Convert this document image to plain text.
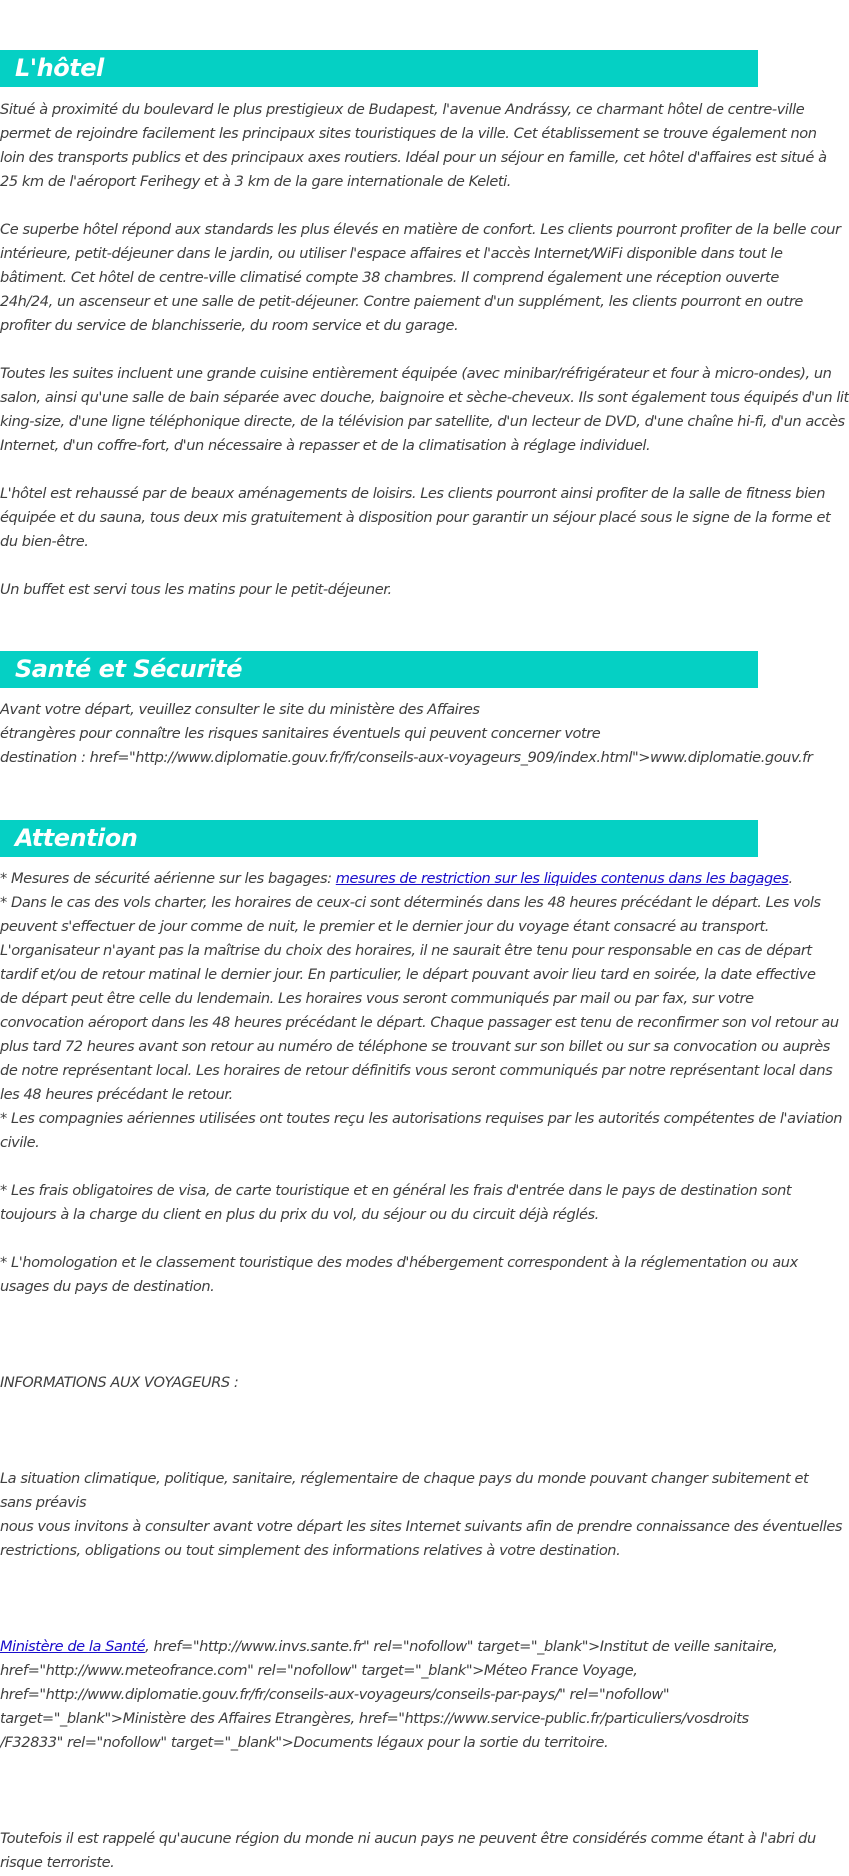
L'hôtel
Situé à proximité du boulevard le plus prestigieux de Budapest, l'avenue Andrássy, ce charmant hôtel de centre-ville
permet de rejoindre facilement les principaux sites touristiques de la ville. Cet établissement se trouve également non
loin des transports publics et des principaux axes routiers. Idéal pour un séjour en famille, cet hôtel d'affaires est situé à
25 km de l'aéroport Ferihegy et à 3 km de la gare internationale de Keleti.
Ce superbe hôtel répond aux standards les plus élevés en matière de confort. Les clients pourront profiter de la belle cour
intérieure, petit-déjeuner dans le jardin, ou utiliser l'espace affaires et l'accès Internet/WiFi disponible dans tout le
bâtiment. Cet hôtel de centre-ville climatisé compte 38 chambres. Il comprend également une réception ouverte
24h/24, un ascenseur et une salle de petit-déjeuner. Contre paiement d'un supplément, les clients pourront en outre
profiter du service de blanchisserie, du room service et du garage.
Toutes les suites incluent une grande cuisine entièrement équipée (avec minibar/réfrigérateur et four à micro-ondes), un
salon, ainsi qu'une salle de bain séparée avec douche, baignoire et sèche-cheveux. Ils sont également tous équipés d'un lit
king-size, d'une ligne téléphonique directe, de la télévision par satellite, d'un lecteur de DVD, d'une chaîne hi-fi, d'un accès
Internet, d'un coffre-fort, d'un nécessaire à repasser et de la climatisation à réglage individuel.
L'hôtel est rehaussé par de beaux aménagements de loisirs. Les clients pourront ainsi profiter de la salle de fitness bien
équipée et du sauna, tous deux mis gratuitement à disposition pour garantir un séjour placé sous le signe de la forme et
du bien-être.
Un buffet est servi tous les matins pour le petit-déjeuner.
Santé et Sécurité
Avant votre départ, veuillez consulter le site du ministère des Affaires
étrangères pour connaître les risques sanitaires éventuels qui peuvent concerner votre
destination : href="http://www.diplomatie.gouv.fr/fr/conseils-aux-voyageurs_909/index.html">www.diplomatie.gouv.fr
Attention
* Mesures de sécurité aérienne sur les bagages: mesures de restriction sur les liquides contenus dans les bagages.
* Dans le cas des vols charter, les horaires de ceux-ci sont déterminés dans les 48 heures précédant le départ. Les vols
peuvent s'effectuer de jour comme de nuit, le premier et le dernier jour du voyage étant consacré au transport.
L'organisateur n'ayant pas la maîtrise du choix des horaires, il ne saurait être tenu pour responsable en cas de départ
tardif et/ou de retour matinal le dernier jour. En particulier, le départ pouvant avoir lieu tard en soirée, la date effective
de départ peut être celle du lendemain. Les horaires vous seront communiqués par mail ou par fax, sur votre
convocation aéroport dans les 48 heures précédant le départ. Chaque passager est tenu de reconfirmer son vol retour au
plus tard 72 heures avant son retour au numéro de téléphone se trouvant sur son billet ou sur sa convocation ou auprès
de notre représentant local. Les horaires de retour définitifs vous seront communiqués par notre représentant local dans
les 48 heures précédant le retour.
* Les compagnies aériennes utilisées ont toutes reçu les autorisations requises par les autorités compétentes de l'aviation
civile.
* Les frais obligatoires de visa, de carte touristique et en général les frais d'entrée dans le pays de destination sont
toujours à la charge du client en plus du prix du vol, du séjour ou du circuit déjà réglés.
* L'homologation et le classement touristique des modes d'hébergement correspondent à la réglementation ou aux
usages du pays de destination.
INFORMATIONS AUX VOYAGEURS :
La situation climatique, politique, sanitaire, réglementaire de chaque pays du monde pouvant changer subitement et
sans préavis
nous vous invitons à consulter avant votre départ les sites Internet suivants afin de prendre connaissance des éventuelles
restrictions, obligations ou tout simplement des informations relatives à votre destination.
Ministère de la Santé, href="http://www.invs.sante.fr" rel="nofollow" target="_blank">Institut de veille sanitaire,
href="http://www.meteofrance.com" rel="nofollow" target="_blank">Méteo France Voyage,
href="http://www.diplomatie.gouv.fr/fr/conseils-aux-voyageurs/conseils-par-pays/" rel="nofollow"
target="_blank">Ministère des Affaires Etrangères, href="https://www.service-public.fr/particuliers/vosdroits
/F32833" rel="nofollow" target="_blank">Documents légaux pour la sortie du territoire.
Toutefois il est rappelé qu'aucune région du monde ni aucun pays ne peuvent être considérés comme étant à l'abri du
risque terroriste.
